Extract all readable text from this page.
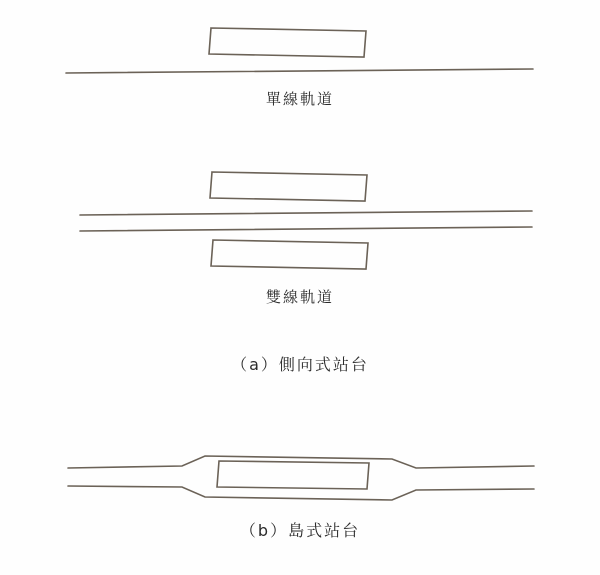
單線軌道
雙線軌道
（a）側向式站台
（b）島式站台
